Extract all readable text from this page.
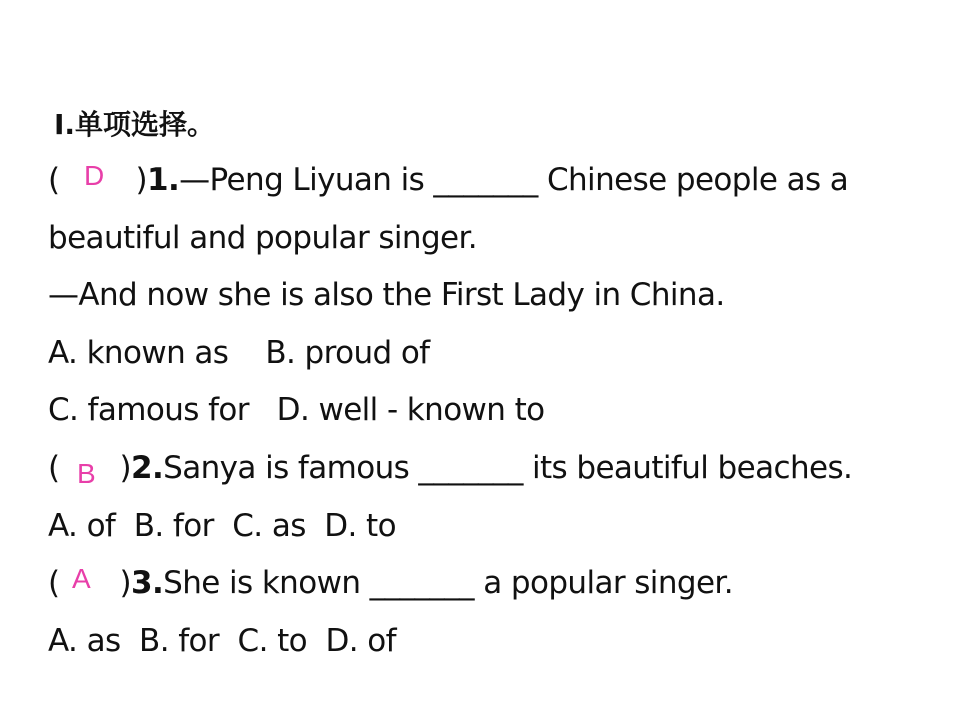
Ⅰ.单项选择。
( )1.—Peng Liyuan is _______ Chinese people as a
D
beautiful and popular singer.
—And now she is also the First Lady in China.
A. known as    B. proud of
C. famous for   D. well - known to
( )2.Sanya is famous _______ its beautiful beaches.
B
A. of  B. for  C. as  D. to
( )3.She is known _______ a popular singer.
A
A. as  B. for  C. to  D. of
